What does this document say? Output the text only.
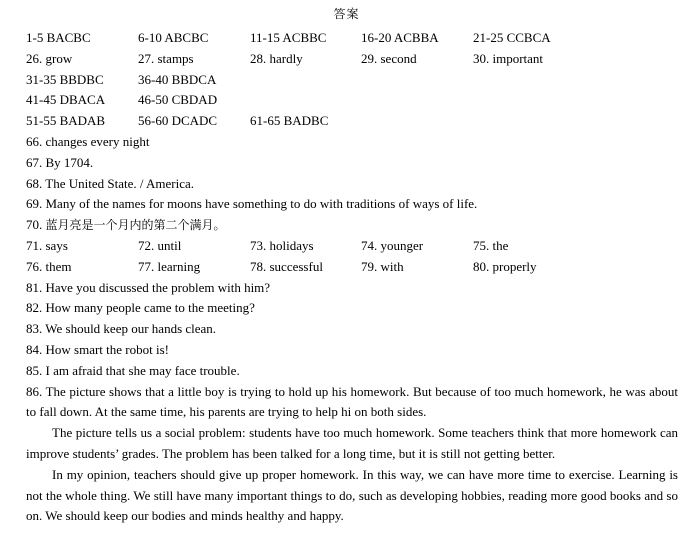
答案
1-5 BACBC	6-10 ABCBC	11-15 ACBBC	16-20 ACBBA	21-25 CCBCA
26. grow	27. stamps	28. hardly	29. second	30. important
31-35 BBDBC	36-40 BBDCA
41-45 DBACA	46-50 CBDAD
51-55 BADAB	56-60 DCADC	61-65 BADBC
66. changes every night
67. By 1704.
68. The United State. / America.
69. Many of the names for moons have something to do with traditions of ways of life.
70. 蓝月亮是一个月内的第二个满月。
71. says	72. until	73. holidays	74. younger	75. the
76. them	77. learning	78. successful	79. with	80. properly
81. Have you discussed the problem with him?
82. How many people came to the meeting?
83. We should keep our hands clean.
84. How smart the robot is!
85. I am afraid that she may face trouble.
86. The picture shows that a little boy is trying to hold up his homework. But because of too much homework, he was about to fall down. At the same time, his parents are trying to help hi on both sides.
The picture tells us a social problem: students have too much homework. Some teachers think that more homework can improve students’ grades. The problem has been talked for a long time, but it is still not getting better.
In my opinion, teachers should give up proper homework. In this way, we can have more time to exercise. Learning is not the whole thing. We still have many important things to do, such as developing hobbies, reading more good books and so on. We should keep our bodies and minds healthy and happy.
